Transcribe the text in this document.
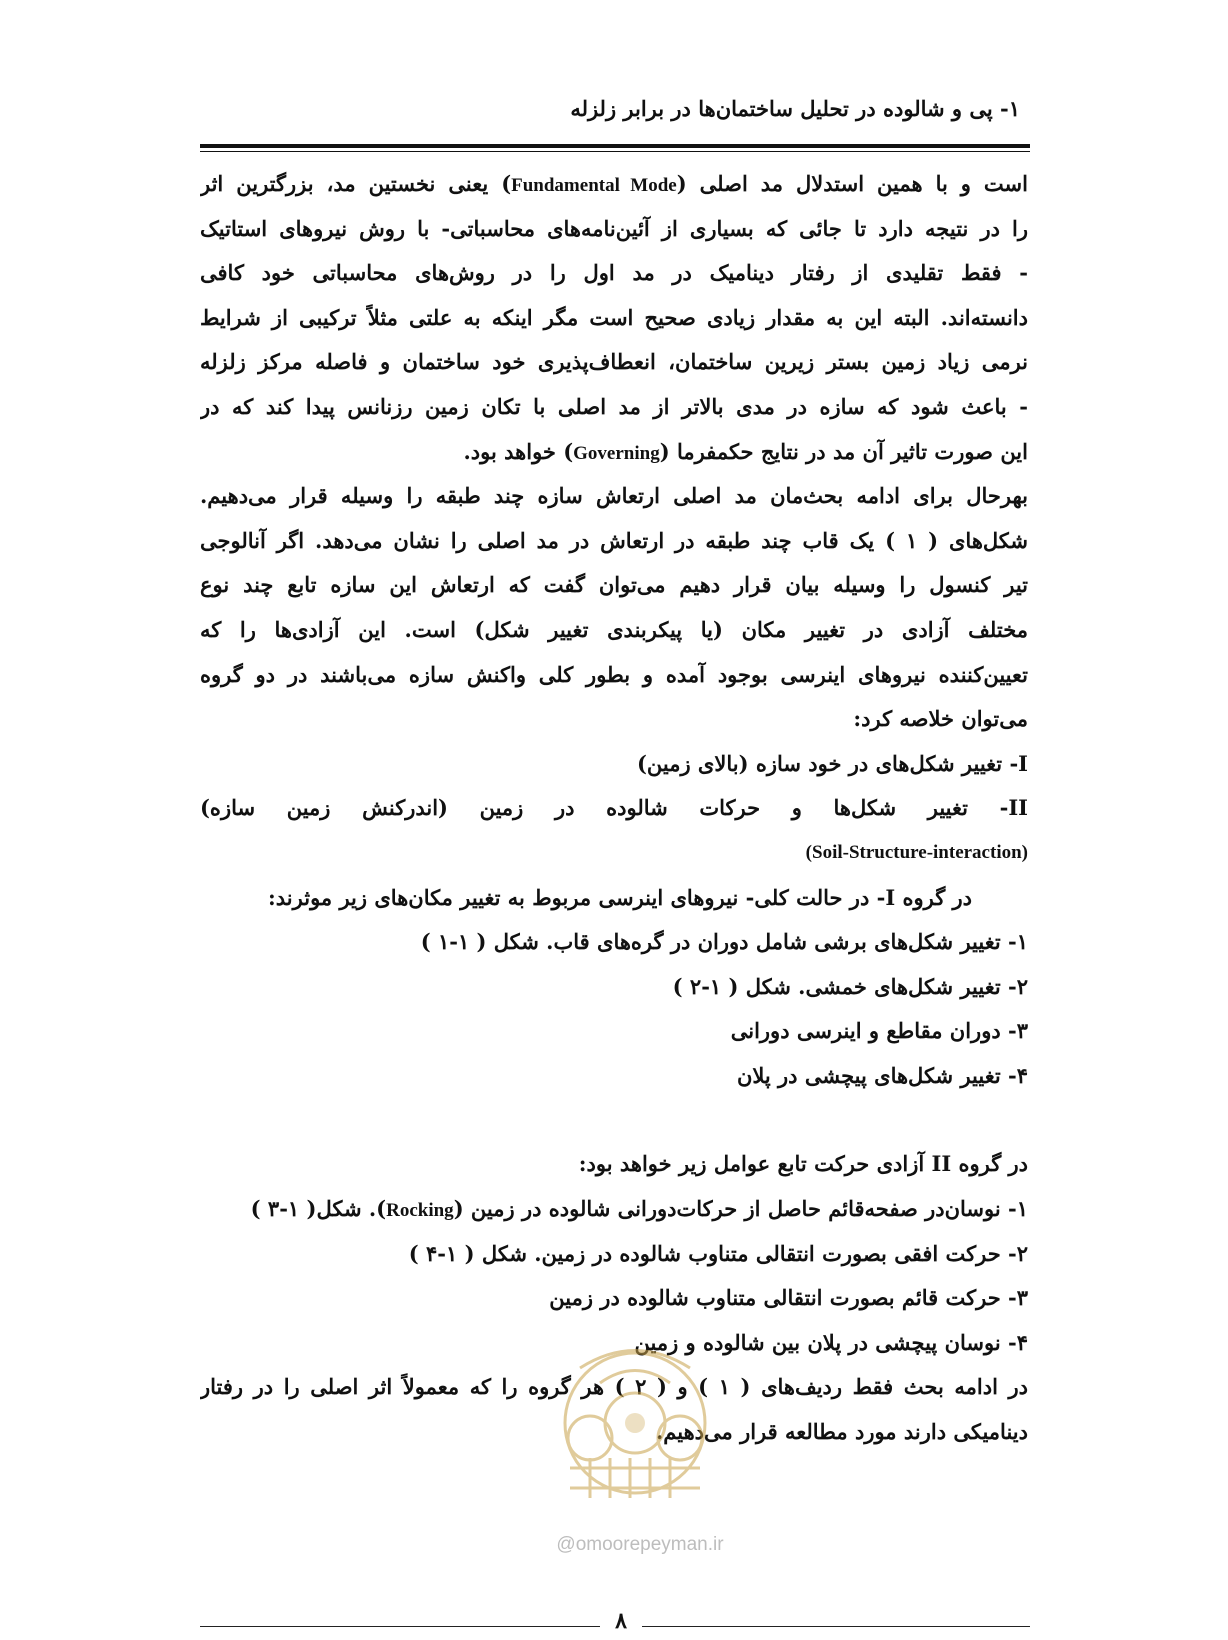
۱- پی و شالوده در تحلیل ساختمان‌ها در برابر زلزله
است و با همین استدلال مد اصلی (Fundamental Mode) یعنی نخستین مد، بزرگترین اثر
را در نتیجه دارد تا جائی که بسیاری از آئین‌نامه‌های محاسباتی- با روش نیروهای استاتیک
- فقط تقلیدی از رفتار دینامیک در مد اول را در روش‌های محاسباتی خود کافی
دانسته‌اند. البته این به مقدار زیادی صحیح است مگر اینکه به علتی مثلاً ترکیبی از شرایط
نرمی زیاد زمین بستر زیرین ساختمان، انعطاف‌پذیری خود ساختمان و فاصله مرکز زلزله
- باعث شود که سازه در مدی بالاتر از مد اصلی با تکان زمین رزنانس پیدا کند که در
این صورت تاثیر آن مد در نتایج حکمفرما (Governing) خواهد بود.
بهرحال برای ادامه بحث‌مان مد اصلی ارتعاش سازه چند طبقه را وسیله قرار می‌دهیم.
شکل‌های ( ۱ ) یک قاب چند طبقه در ارتعاش در مد اصلی را نشان می‌دهد. اگر آنالوجی
تیر کنسول را وسیله بیان قرار دهیم می‌توان گفت که ارتعاش این سازه تابع چند نوع
مختلف آزادی در تغییر مکان (یا پیکربندی تغییر شکل) است. این آزادی‌ها را که
تعیین‌کننده نیروهای اینرسی بوجود آمده و بطور کلی واکنش سازه می‌باشند در دو گروه
می‌توان خلاصه کرد:
I- تغییر شکل‌های در خود سازه (بالای زمین)
II- تغییر شکل‌ها و حرکات شالوده در زمین (اندرکنش زمین سازه)
(Soil-Structure-interaction)
در گروه I- در حالت کلی- نیروهای اینرسی مربوط به تغییر مکان‌های زیر موثرند:
۱- تغییر شکل‌های برشی شامل دوران در گره‌های قاب. شکل ( ۱-۱ )
۲- تغییر شکل‌های خمشی. شکل ( ۱-۲ )
۳- دوران مقاطع و اینرسی دورانی
۴- تغییر شکل‌های پیچشی در پلان
در گروه II آزادی حرکت تابع عوامل زیر خواهد بود:
۱- نوسان‌در صفحه‌قائم حاصل از حرکات‌دورانی شالوده در زمین (Rocking). شکل( ۱-۳ )
۲- حرکت افقی بصورت انتقالی متناوب شالوده در زمین. شکل ( ۱-۴ )
۳- حرکت قائم بصورت انتقالی متناوب شالوده در زمین
۴- نوسان پیچشی در پلان بین شالوده و زمین
در ادامه بحث فقط ردیف‌های ( ۱ ) و ( ۲ ) هر گروه را که معمولاً اثر اصلی را در رفتار
دینامیکی دارند مورد مطالعه قرار می‌دهیم.
@omoorepeyman.ir
۸
